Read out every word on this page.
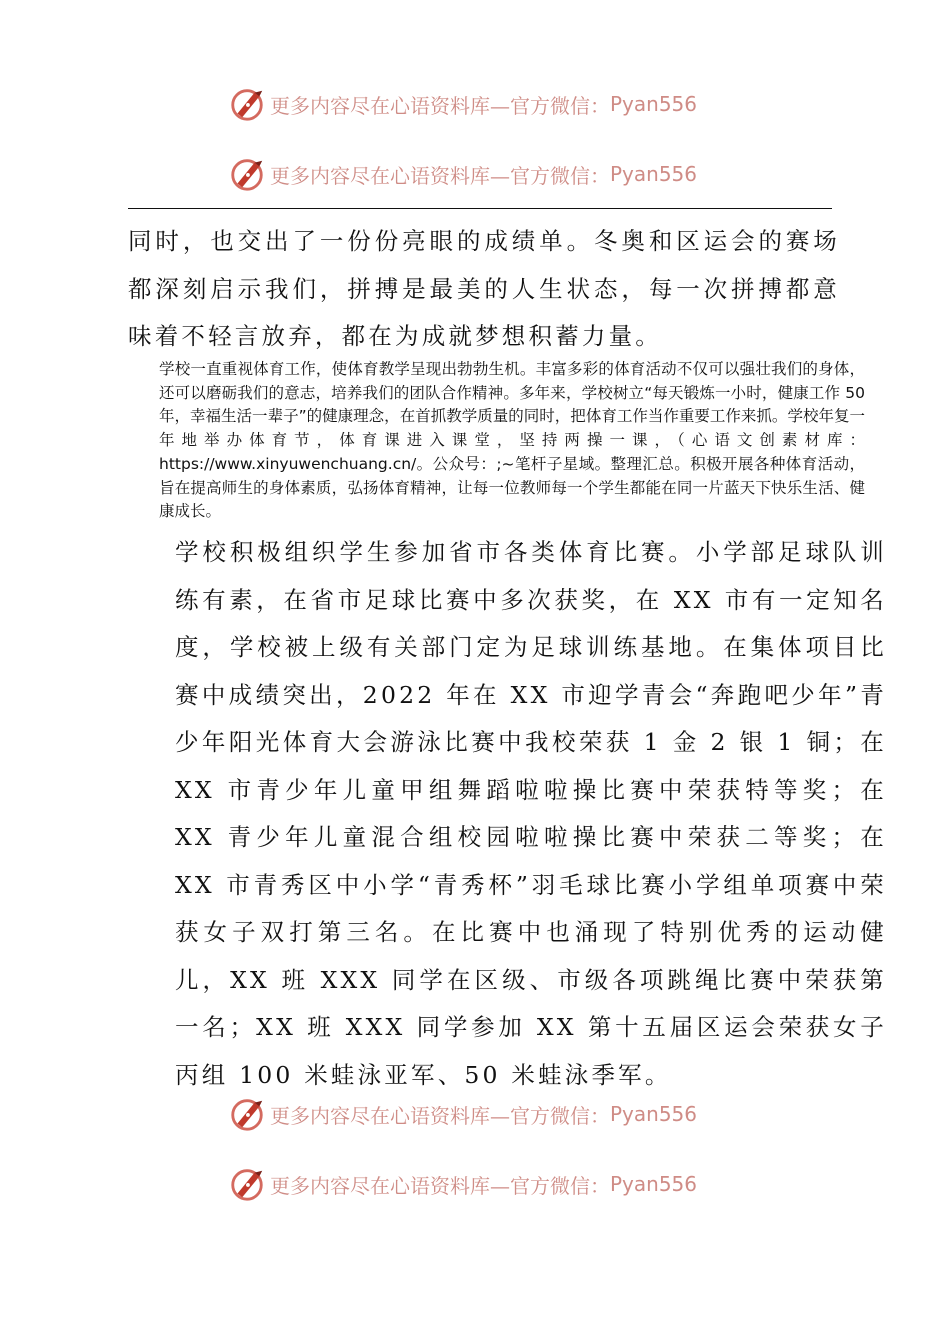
更多内容尽在心语资料库—官方微信： Pyan556
更多内容尽在心语资料库—官方微信： Pyan556

同时，也交出了一份份亮眼的成绩单。冬奥和区运会的赛场都深刻启示我们，拼搏是最美的人生状态，每一次拼搏都意味着不轻言放弃，都在为成就梦想积蓄力量。

学校一直重视体育工作，使体育教学呈现出勃勃生机。丰富多彩的体育活动不仅可以强壮我们的身体，还可以磨砺我们的意志，培养我们的团队合作精神。多年来，学校树立“每天锻炼一小时，健康工作 50 年，幸福生活一辈子”的健康理念，在首抓教学质量的同时，把体育工作当作重要工作来抓。学校年复一年地举办体育节，体育课进入课堂，坚持两操一课，（心语文创素材库：https://www.xinyuwenchuang.cn/。公众号：;~笔杆子星域。整理汇总。积极开展各种体育活动，旨在提高师生的身体素质，弘扬体育精神，让每一位教师每一个学生都能在同一片蓝天下快乐生活、健康成长。

学校积极组织学生参加省市各类体育比赛。小学部足球队训练有素，在省市足球比赛中多次获奖，在 XX 市有一定知名度，学校被上级有关部门定为足球训练基地。在集体项目比赛中成绩突出，2022 年在 XX 市迎学青会“奔跑吧少年”青少年阳光体育大会游泳比赛中我校荣获 1 金 2 银 1 铜；在 XX 市青少年儿童甲组舞蹈啦啦操比赛中荣获特等奖；在 XX 青少年儿童混合组校园啦啦操比赛中荣获二等奖；在 XX 市青秀区中小学“青秀杯”羽毛球比赛小学组单项赛中荣获女子双打第三名。在比赛中也涌现了特别优秀的运动健儿，XX 班 XXX 同学在区级、市级各项跳绳比赛中荣获第一名；XX 班 XXX 同学参加 XX 第十五届区运会荣获女子丙组 100 米蛙泳亚军、50 米蛙泳季军。

更多内容尽在心语资料库—官方微信： Pyan556
更多内容尽在心语资料库—官方微信： Pyan556
